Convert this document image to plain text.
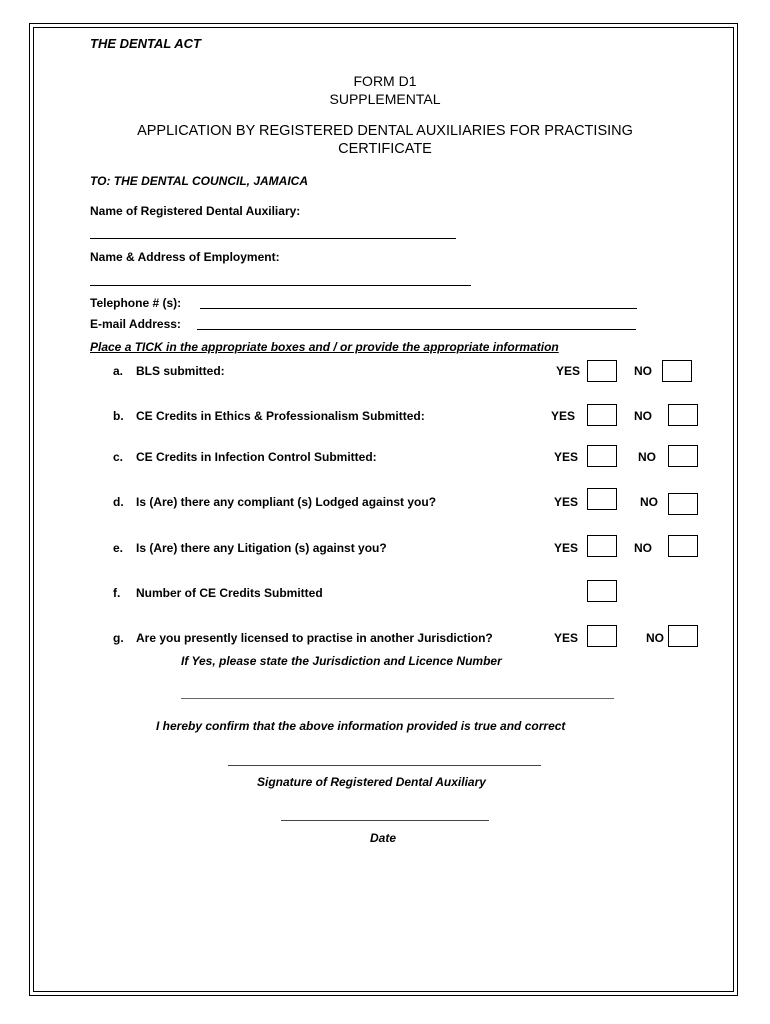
THE DENTAL ACT
FORM D1
SUPPLEMENTAL
APPLICATION BY REGISTERED DENTAL AUXILIARIES FOR PRACTISING
CERTIFICATE
TO: THE DENTAL COUNCIL, JAMAICA
Name of Registered Dental Auxiliary:
Name & Address of Employment:
Telephone # (s):
E-mail Address:
Place a TICK in the appropriate boxes and / or provide the appropriate information
a. BLS submitted:	YES	NO
b. CE Credits in Ethics & Professionalism Submitted:	YES	NO
c. CE Credits in Infection Control Submitted:	YES	NO
d. Is (Are) there any compliant (s) Lodged against you?	YES	NO
e. Is (Are) there any Litigation (s) against you?	YES	NO
f. Number of CE Credits Submitted
g. Are you presently licensed to practise in another Jurisdiction?	YES	NO
If Yes, please state the Jurisdiction and Licence Number
I hereby confirm that the above information provided is true and correct
Signature of Registered Dental Auxiliary
Date
